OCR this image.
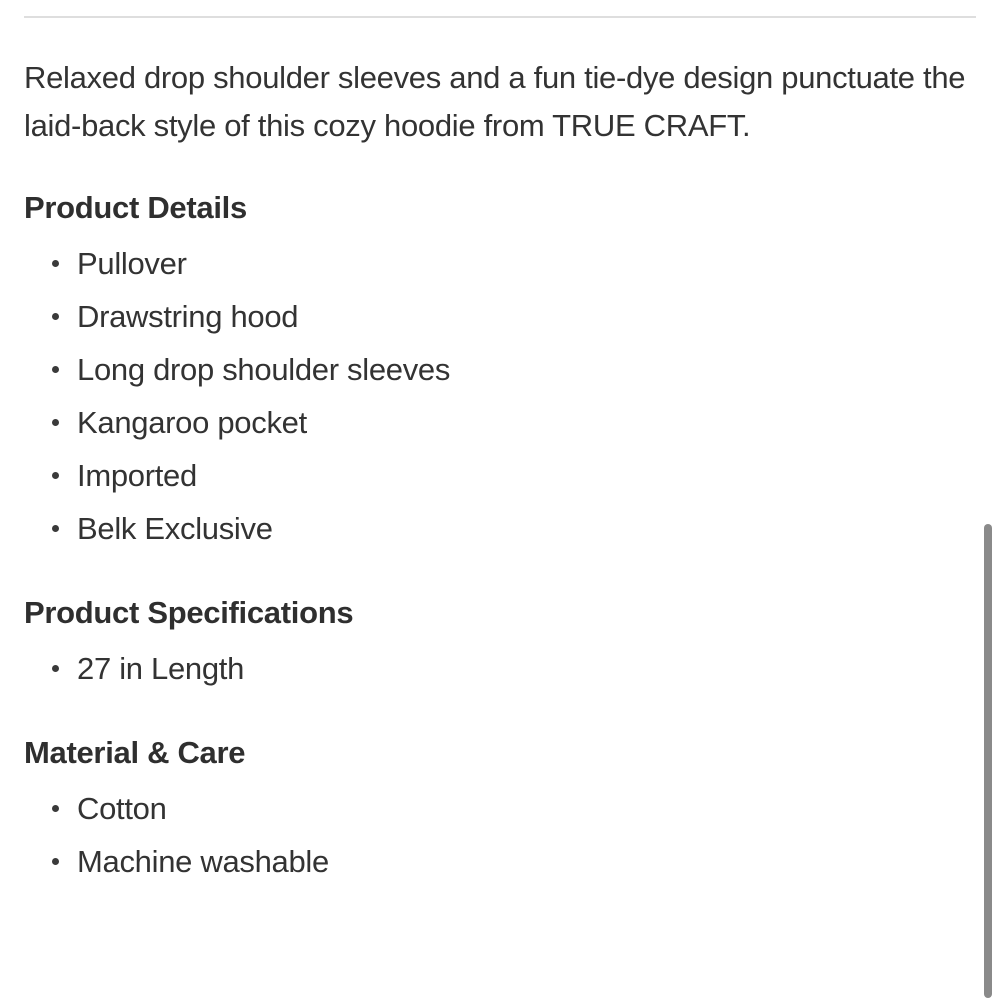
Relaxed drop shoulder sleeves and a fun tie-dye design punctuate the laid-back style of this cozy hoodie from TRUE CRAFT.

Product Details
Pullover
Drawstring hood
Long drop shoulder sleeves
Kangaroo pocket
Imported
Belk Exclusive
Product Specifications
27 in Length
Material & Care
Cotton
Machine washable
